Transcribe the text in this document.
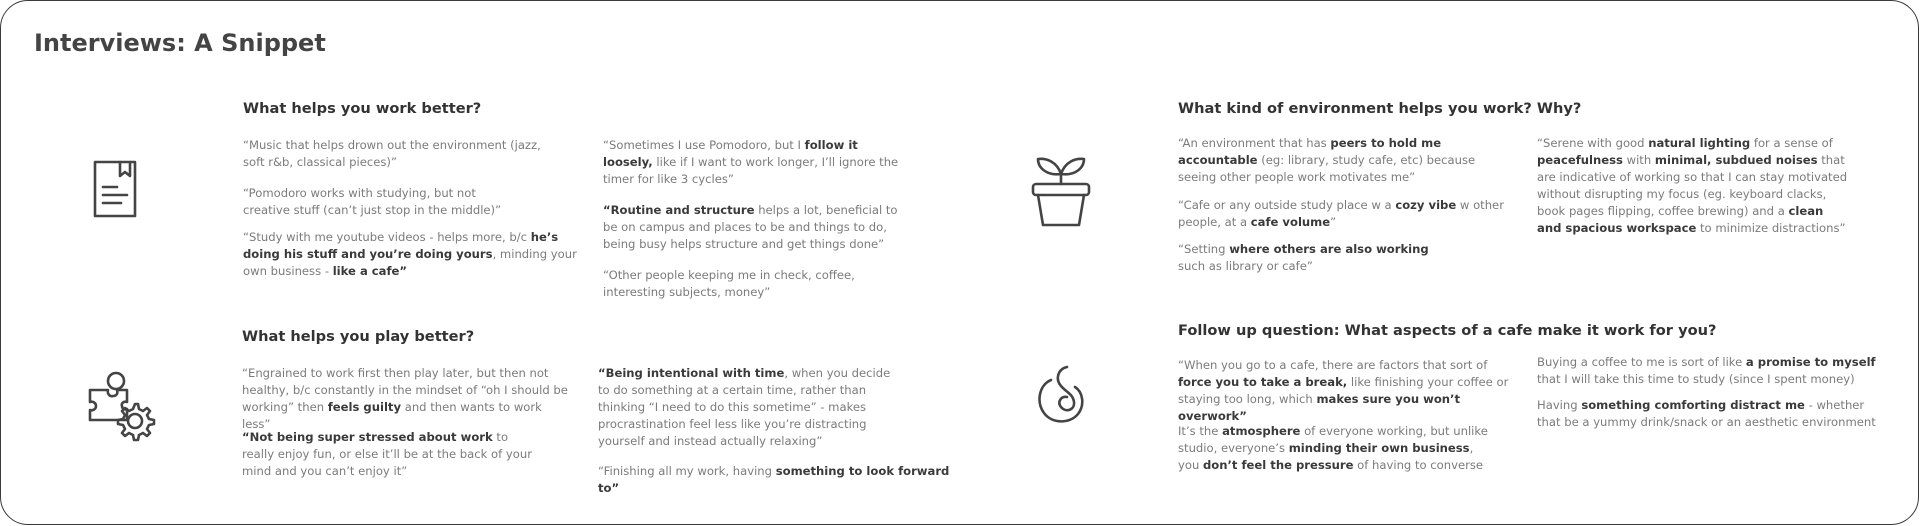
Interviews: A Snippet
What helps you work better?
What helps you play better?
What kind of environment helps you work? Why?
Follow up question: What aspects of a cafe make it work for you?
“Music that helps drown out the environment (jazz, soft r&b, classical pieces)”
“Pomodoro works with studying, but not creative stuff (can’t just stop in the middle)”
“Study with me youtube videos - helps more, b/c he’s doing his stuff and you’re doing yours, minding your own business - like a cafe”
“Sometimes I use Pomodoro, but I follow it loosely, like if I want to work longer, I’ll ignore the timer for like 3 cycles”
“Routine and structure helps a lot, beneficial to be on campus and places to be and things to do, being busy helps structure and get things done”
“Other people keeping me in check, coffee, interesting subjects, money”
“Engrained to work first then play later, but then not healthy, b/c constantly in the mindset of “oh I should be working” then feels guilty and then wants to work less”
“Not being super stressed about work to really enjoy fun, or else it’ll be at the back of your mind and you can’t enjoy it”
“Being intentional with time, when you decide to do something at a certain time, rather than thinking “I need to do this sometime” - makes procrastination feel less like you’re distracting yourself and instead actually relaxing”
“Finishing all my work, having something to look forward to”
“An environment that has peers to hold me accountable (eg: library, study cafe, etc) because seeing other people work motivates me”
“Cafe or any outside study place w a cozy vibe w other people, at a cafe volume”
“Setting where others are also working such as library or cafe”
“Serene with good natural lighting for a sense of peacefulness with minimal, subdued noises that are indicative of working so that I can stay motivated without disrupting my focus (eg. keyboard clacks, book pages flipping, coffee brewing) and a clean and spacious workspace to minimize distractions”
“When you go to a cafe, there are factors that sort of force you to take a break, like finishing your coffee or staying too long, which makes sure you won’t overwork”
It’s the atmosphere of everyone working, but unlike studio, everyone’s minding their own business, you don’t feel the pressure of having to converse
Buying a coffee to me is sort of like a promise to myself that I will take this time to study (since I spent money)
Having something comforting distract me - whether that be a yummy drink/snack or an aesthetic environment
